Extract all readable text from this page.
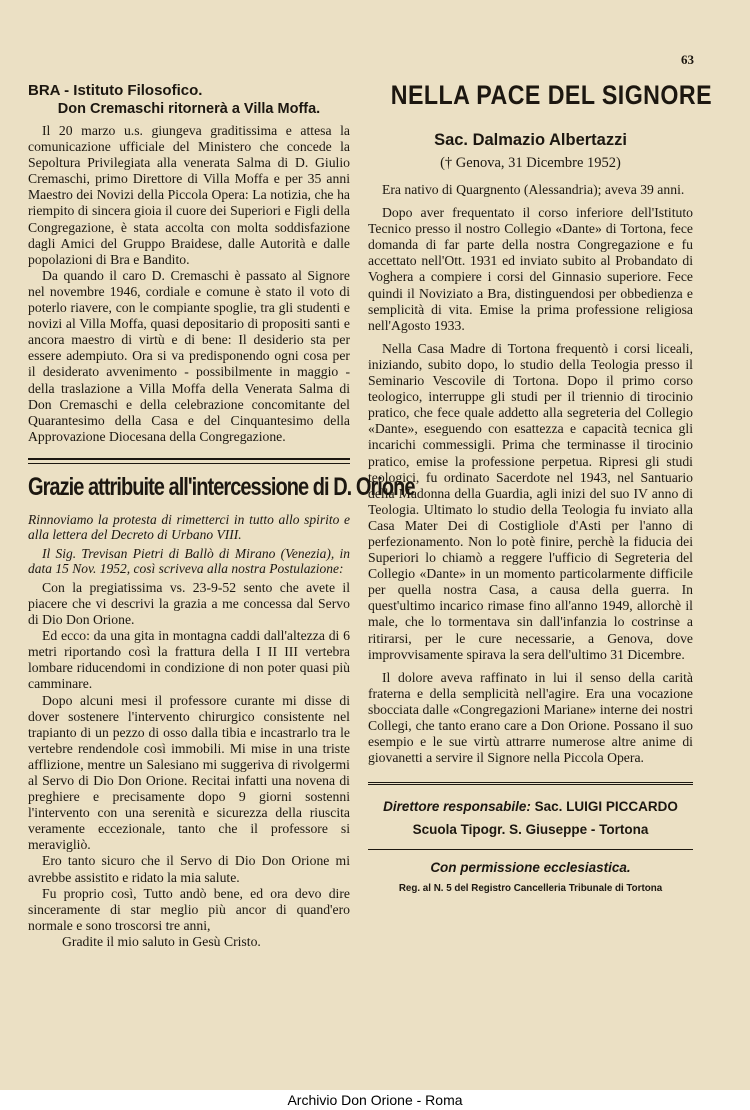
63
BRA - Istituto Filosofico.
Don Cremaschi ritornerà a Villa Moffa.

Il 20 marzo u.s. giungeva graditissima e attesa la comunicazione ufficiale del Ministero che concede la Sepoltura Privilegiata alla venerata Salma di D. Giulio Cremaschi, primo Direttore di Villa Moffa e per 35 anni Maestro dei Novizi della Piccola Opera: La notizia, che ha riempito di sincera gioia il cuore dei Superiori e Figli della Congregazione, è stata accolta con molta soddisfazione dagli Amici del Gruppo Braidese, dalle Autorità e dalle popolazioni di Bra e Bandito.

Da quando il caro D. Cremaschi è passato al Signore nel novembre 1946, cordiale e comune è stato il voto di poterlo riavere, con le compiante spoglie, tra gli studenti e novizi al Villa Moffa, quasi depositario di propositi santi e ancora maestro di virtù e di bene: Il desiderio sta per essere adempiuto. Ora si va predisponendo ogni cosa per il desiderato avvenimento - possibilmente in maggio - della traslazione a Villa Moffa della Venerata Salma di Don Cremaschi e della celebrazione concomitante del Quarantesimo della Casa e del Cinquantesimo della Approvazione Diocesana della Congregazione.

Grazie attribuite all'intercessione di D. Orione
Rinnoviamo la protesta di rimetterci in tutto allo spirito e alla lettera del Decreto di Urbano VIII.
Il Sig. Trevisan Pietri di Ballò di Mirano (Venezia), in data 15 Nov. 1952, così scriveva alla nostra Postulazione:

Con la pregiatissima vs. 23-9-52 sento che avete il piacere che vi descrivi la grazia a me concessa dal Servo di Dio Don Orione.

Ed ecco: da una gita in montagna caddi dall'altezza di 6 metri riportando così la frattura della I II III vertebra lombare riducendomi in condizione di non poter quasi più camminare.

Dopo alcuni mesi il professore curante mi disse di dover sostenere l'intervento chirurgico consistente nel trapianto di un pezzo di osso dalla tibia e incastrarlo tra le vertebre rendendole così immobili. Mi mise in una triste afflizione, mentre un Salesiano mi suggeriva di rivolgermi al Servo di Dio Don Orione. Recitai infatti una novena di preghiere e precisamente dopo 9 giorni sostenni l'intervento con una serenità e sicurezza della riuscita veramente eccezionale, tanto che il professore si meravigliò.

Ero tanto sicuro che il Servo di Dio Don Orione mi avrebbe assistito e ridato la mia salute.

Fu proprio così, Tutto andò bene, ed ora devo dire sinceramente di star meglio più ancor di quand'ero normale e sono troscorsi tre anni,

Gradite il mio saluto in Gesù Cristo.

NELLA PACE DEL SIGNORE
Sac. Dalmazio Albertazzi
(† Genova, 31 Dicembre 1952)

Era nativo di Quargnento (Alessandria); aveva 39 anni.

Dopo aver frequentato il corso inferiore dell'Istituto Tecnico presso il nostro Collegio «Dante» di Tortona, fece domanda di far parte della nostra Congregazione e fu accettato nell'Ott. 1931 ed inviato subito al Probandato di Voghera a compiere i corsi del Ginnasio superiore. Fece quindi il Noviziato a Bra, distinguendosi per obbedienza e semplicità di vita. Emise la prima professione religiosa nell'Agosto 1933.

Nella Casa Madre di Tortona frequentò i corsi liceali, iniziando, subito dopo, lo studio della Teologia presso il Seminario Vescovile di Tortona. Dopo il primo corso teologico, interruppe gli studi per il triennio di tirocinio pratico, che fece quale addetto alla segreteria del Collegio «Dante», eseguendo con esattezza e capacità tecnica gli incarichi commessigli. Prima che terminasse il tirocinio pratico, emise la professione perpetua. Ripresi gli studi teologici, fu ordinato Sacerdote nel 1943, nel Santuario della Madonna della Guardia, agli inizi del suo IV anno di Teologia. Ultimato lo studio della Teologia fu inviato alla Casa Mater Dei di Costigliole d'Asti per l'anno di perfezionamento. Non lo potè finire, perchè la fiducia dei Superiori lo chiamò a reggere l'ufficio di Segreteria del Collegio «Dante» in un momento particolarmente difficile per quella nostra Casa, a causa della guerra. In quest'ultimo incarico rimase fino all'anno 1949, allorchè il male, che lo tormentava sin dall'infanzia lo costrinse a ritirarsi, per le cure necessarie, a Genova, dove improvvisamente spirava la sera dell'ultimo 31 Dicembre.

Il dolore aveva raffinato in lui il senso della carità fraterna e della semplicità nell'agire. Era una vocazione sbocciata dalle «Congregazioni Mariane» interne dei nostri Collegi, che tanto erano care a Don Orione. Possano il suo esempio e le sue virtù attrarre numerose altre anime di giovanetti a servire il Signore nella Piccola Opera.

Direttore responsabile: Sac. LUIGI PICCARDO
Scuola Tipogr. S. Giuseppe - Tortona
Con permissione ecclesiastica.
Reg. al N. 5 del Registro Cancelleria Tribunale di Tortona
Archivio Don Orione - Roma
